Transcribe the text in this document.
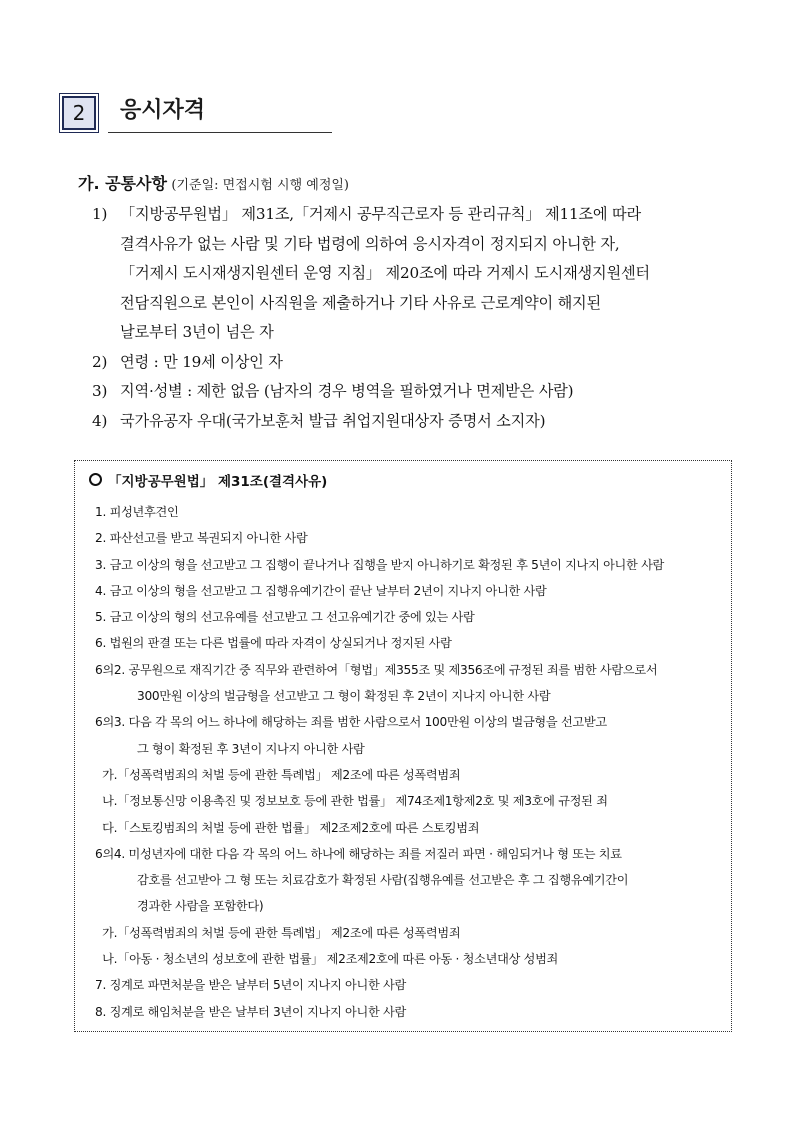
2	응시자격
가. 공통사항 (기준일: 면접시험 시행 예정일)
1) 「지방공무원법」 제31조,「거제시 공무직근로자 등 관리규칙」 제11조에 따라
결격사유가 없는 사람 및 기타 법령에 의하여 응시자격이 정지되지 아니한 자,
「거제시 도시재생지원센터 운영 지침」 제20조에 따라 거제시 도시재생지원센터
전담직원으로 본인이 사직원을 제출하거나 기타 사유로 근로계약이 해지된
날로부터 3년이 넘은 자
2) 연령 : 만 19세 이상인 자
3) 지역·성별 : 제한 없음 (남자의 경우 병역을 필하였거나 면제받은 사람)
4) 국가유공자 우대(국가보훈처 발급 취업지원대상자 증명서 소지자)
「지방공무원법」 제31조(결격사유)
1. 피성년후견인
2. 파산선고를 받고 복권되지 아니한 사람
3. 금고 이상의 형을 선고받고 그 집행이 끝나거나 집행을 받지 아니하기로 확정된 후 5년이 지나지 아니한 사람
4. 금고 이상의 형을 선고받고 그 집행유예기간이 끝난 날부터 2년이 지나지 아니한 사람
5. 금고 이상의 형의 선고유예를 선고받고 그 선고유예기간 중에 있는 사람
6. 법원의 판결 또는 다른 법률에 따라 자격이 상실되거나 정지된 사람
6의2. 공무원으로 재직기간 중 직무와 관련하여「형법」제355조 및 제356조에 규정된 죄를 범한 사람으로서
300만원 이상의 벌금형을 선고받고 그 형이 확정된 후 2년이 지나지 아니한 사람
6의3. 다음 각 목의 어느 하나에 해당하는 죄를 범한 사람으로서 100만원 이상의 벌금형을 선고받고
그 형이 확정된 후 3년이 지나지 아니한 사람
가.「성폭력범죄의 처벌 등에 관한 특례법」 제2조에 따른 성폭력범죄
나.「정보통신망 이용촉진 및 정보보호 등에 관한 법률」 제74조제1항제2호 및 제3호에 규정된 죄
다.「스토킹범죄의 처벌 등에 관한 법률」 제2조제2호에 따른 스토킹범죄
6의4. 미성년자에 대한 다음 각 목의 어느 하나에 해당하는 죄를 저질러 파면 · 해임되거나 형 또는 치료
감호를 선고받아 그 형 또는 치료감호가 확정된 사람(집행유예를 선고받은 후 그 집행유예기간이
경과한 사람을 포함한다)
가.「성폭력범죄의 처벌 등에 관한 특례법」 제2조에 따른 성폭력범죄
나.「아동 · 청소년의 성보호에 관한 법률」 제2조제2호에 따른 아동 · 청소년대상 성범죄
7. 징계로 파면처분을 받은 날부터 5년이 지나지 아니한 사람
8. 징계로 해임처분을 받은 날부터 3년이 지나지 아니한 사람
